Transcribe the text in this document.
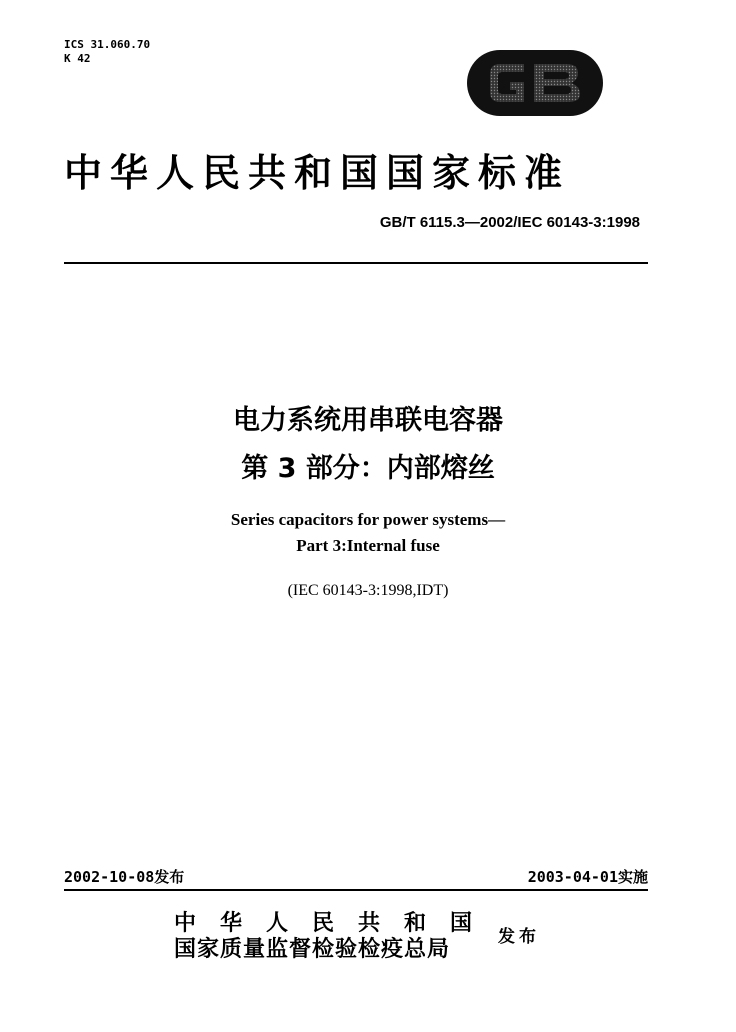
ICS 31.060.70
K 42
中华人民共和国国家标准
GB/T 6115.3—2002/IEC 60143-3:1998
电力系统用串联电容器
第 3 部分：内部熔丝
Series capacitors for power systems—
Part 3:Internal fuse
(IEC 60143-3:1998,IDT)
2002-10-08发布	2003-04-01实施
中华人民共和国
国家质量监督检验检疫总局	发布
